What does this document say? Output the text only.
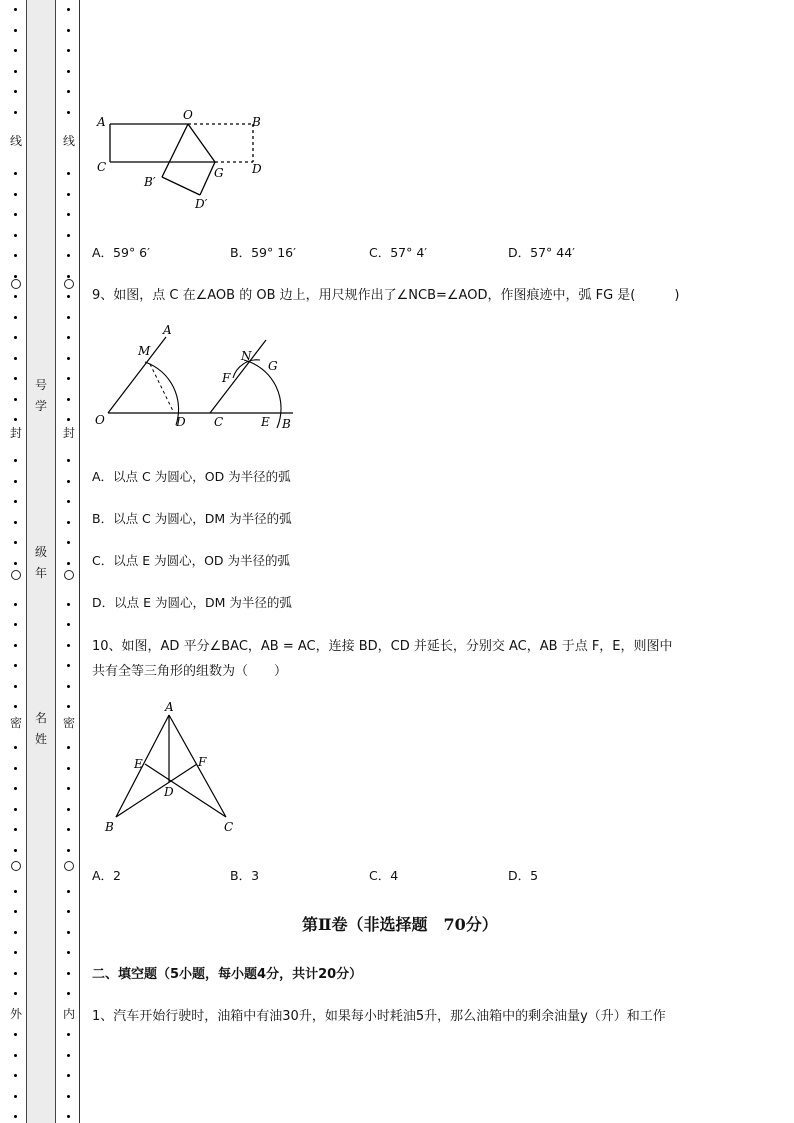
线
封
密
外
线
封
密
内
号
学
级
年
名
姓
A	O	B
C	G D
B′
D′
A．59° 6′	B．59° 16′	C．57° 4′	D．57° 44′
9、如图，点 C 在∠AOB 的 OB 边上，用尺规作出了∠NCB=∠AOD，作图痕迹中，弧 FG 是(　　　)
A
M
O	D C
N
G
F
E B
A．以点 C 为圆心，OD 为半径的弧
B．以点 C 为圆心，DM 为半径的弧
C．以点 E 为圆心，OD 为半径的弧
D．以点 E 为圆心，DM 为半径的弧
10、如图，AD 平分∠BAC，AB = AC，连接 BD，CD 并延长，分别交 AC，AB 于点 F，E，则图中
共有全等三角形的组数为（　　）
A
E	F
D
B	C
A．2	B．3	C．4	D．5
第Ⅱ卷（非选择题　70分）
二、填空题（5小题，每小题4分，共计20分）
1、汽车开始行驶时，油箱中有油30升，如果每小时耗油5升，那么油箱中的剩余油量y（升）和工作
